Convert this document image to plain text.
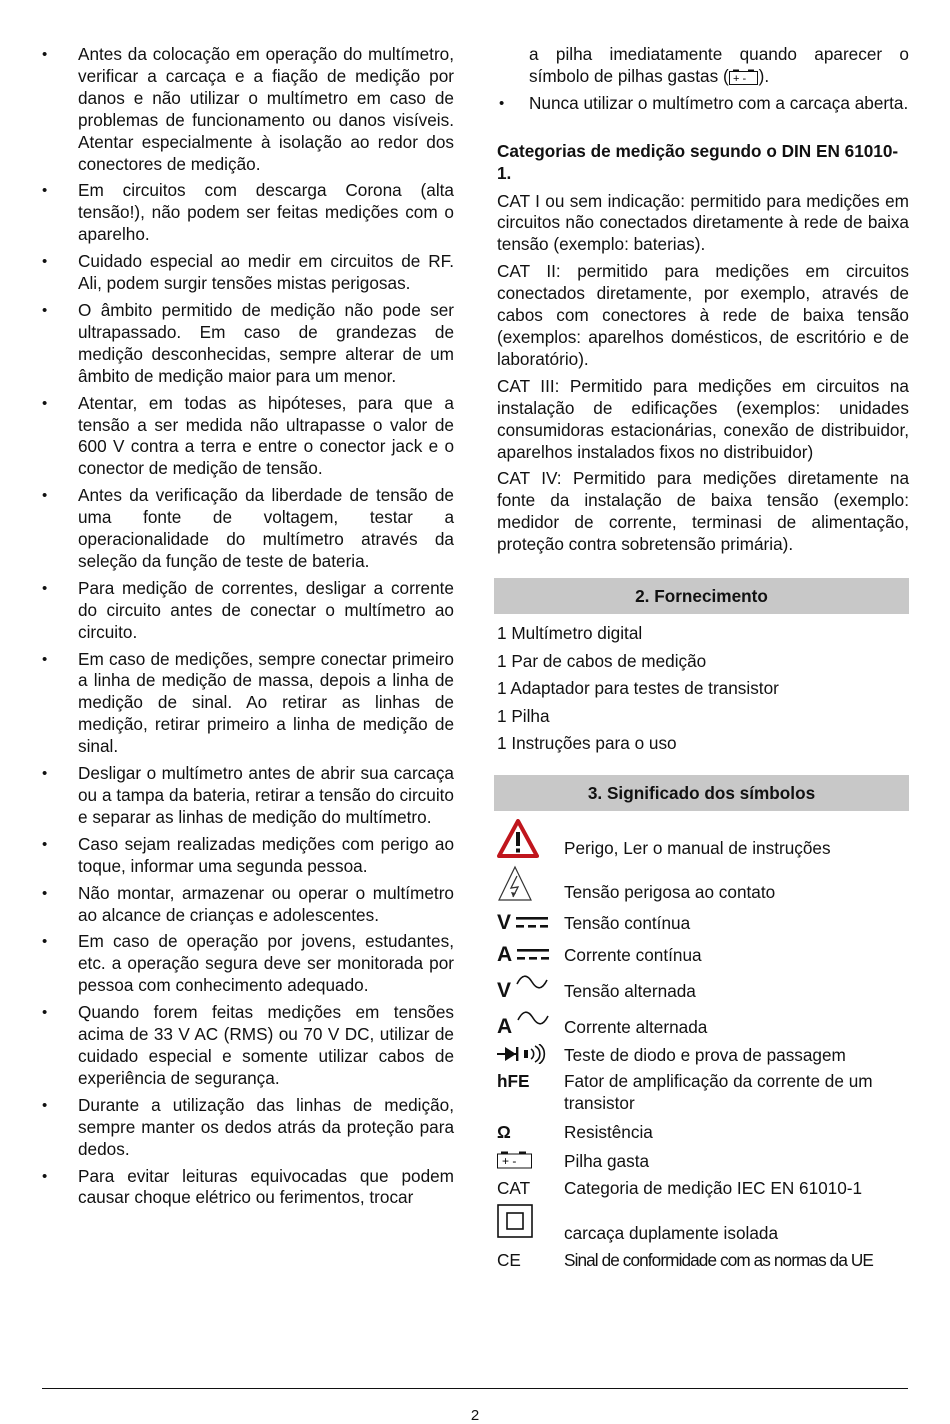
• Antes da colocação em operação do multímetro, verificar a carcaça e a fiação de medição por danos e não utilizar o multímetro em caso de problemas de funcionamento ou danos visíveis. Atentar especialmente à isolação ao redor dos conectores de medição.
• Em circuitos com descarga Corona (alta tensão!), não podem ser feitas medições com o aparelho.
• Cuidado especial ao medir em circuitos de RF. Ali, podem surgir tensões mistas perigosas.
• O âmbito permitido de medição não pode ser ultrapassado. Em caso de grandezas de medição desconhecidas, sempre alterar de um âmbito de medição maior para um menor.
• Atentar, em todas as hipóteses, para que a tensão a ser medida não ultrapasse o valor de 600 V contra a terra e entre o conector jack e o conector de medição de tensão.
• Antes da verificação da liberdade de tensão de uma fonte de voltagem, testar a operacionalidade do multímetro através da seleção da função de teste de bateria.
• Para medição de correntes, desligar a corrente do circuito antes de conectar o multímetro ao circuito.
• Em caso de medições, sempre conectar primeiro a linha de medição de massa, depois a linha de medição de sinal. Ao retirar as linhas de medição, retirar primeiro a linha de medição de sinal.
• Desligar o multímetro antes de abrir sua carcaça ou a tampa da bateria, retirar a tensão do circuito e separar as linhas de medição do multímetro.
• Caso sejam realizadas medições com perigo ao toque, informar uma segunda pessoa.
• Não montar, armazenar ou operar o multímetro ao alcance de crianças e adolescentes.
• Em caso de operação por jovens, estudantes, etc. a operação segura deve ser monitorada por pessoa com conhecimento adequado.
• Quando forem feitas medições em tensões acima de 33 V AC (RMS) ou 70 V DC, utilizar de cuidado especial e somente utilizar cabos de experiência de segurança.
• Durante a utilização das linhas de medição, sempre manter os dedos atrás da proteção para dedos.
• Para evitar leituras equivocadas que podem causar choque elétrico ou ferimentos, trocar

a pilha imediatamente quando aparecer o símbolo de pilhas gastas ( + - ).

• Nunca utilizar o multímetro com a carcaça aberta.
Categorias de medição segundo o DIN EN 61010-1.

CAT I ou sem indicação: permitido para medições em circuitos não conectados diretamente à rede de baixa tensão (exemplo: baterias).

CAT II: permitido para medições em circuitos conectados diretamente, por exemplo, através de cabos com conectores à rede de baixa tensão (exemplos: aparelhos domésticos, de escritório e de laboratório).

CAT III: Permitido para medições em circuitos na instalação de edificações (exemplos: unidades consumidoras estacionárias, conexão de distribuidor, aparelhos instalados fixos no distribuidor)

CAT IV: Permitido para medições diretamente na fonte da instalação de baixa tensão (exemplo: medidor de corrente, terminasi de alimentação, proteção contra sobretensão primária).

2. Fornecimento
1 Multímetro digital
1 Par de cabos de medição
1 Adaptador para testes de transistor
1 Pilha
1 Instruções para o uso
3. Significado dos símbolos
Perigo, Ler o manual de instruções
Tensão perigosa ao contato
V	Tensão contínua
A	Corrente contínua
V	Tensão alternada
A	Corrente alternada
Teste de diodo e prova de passagem
hFE Fator de amplificação da corrente de um transistor
Ω	Resistência
+ -	Pilha gasta
CAT Categoria de medição IEC EN 61010-1
carcaça duplamente isolada
CE	Sinal de conformidade com as normas da UE
2
